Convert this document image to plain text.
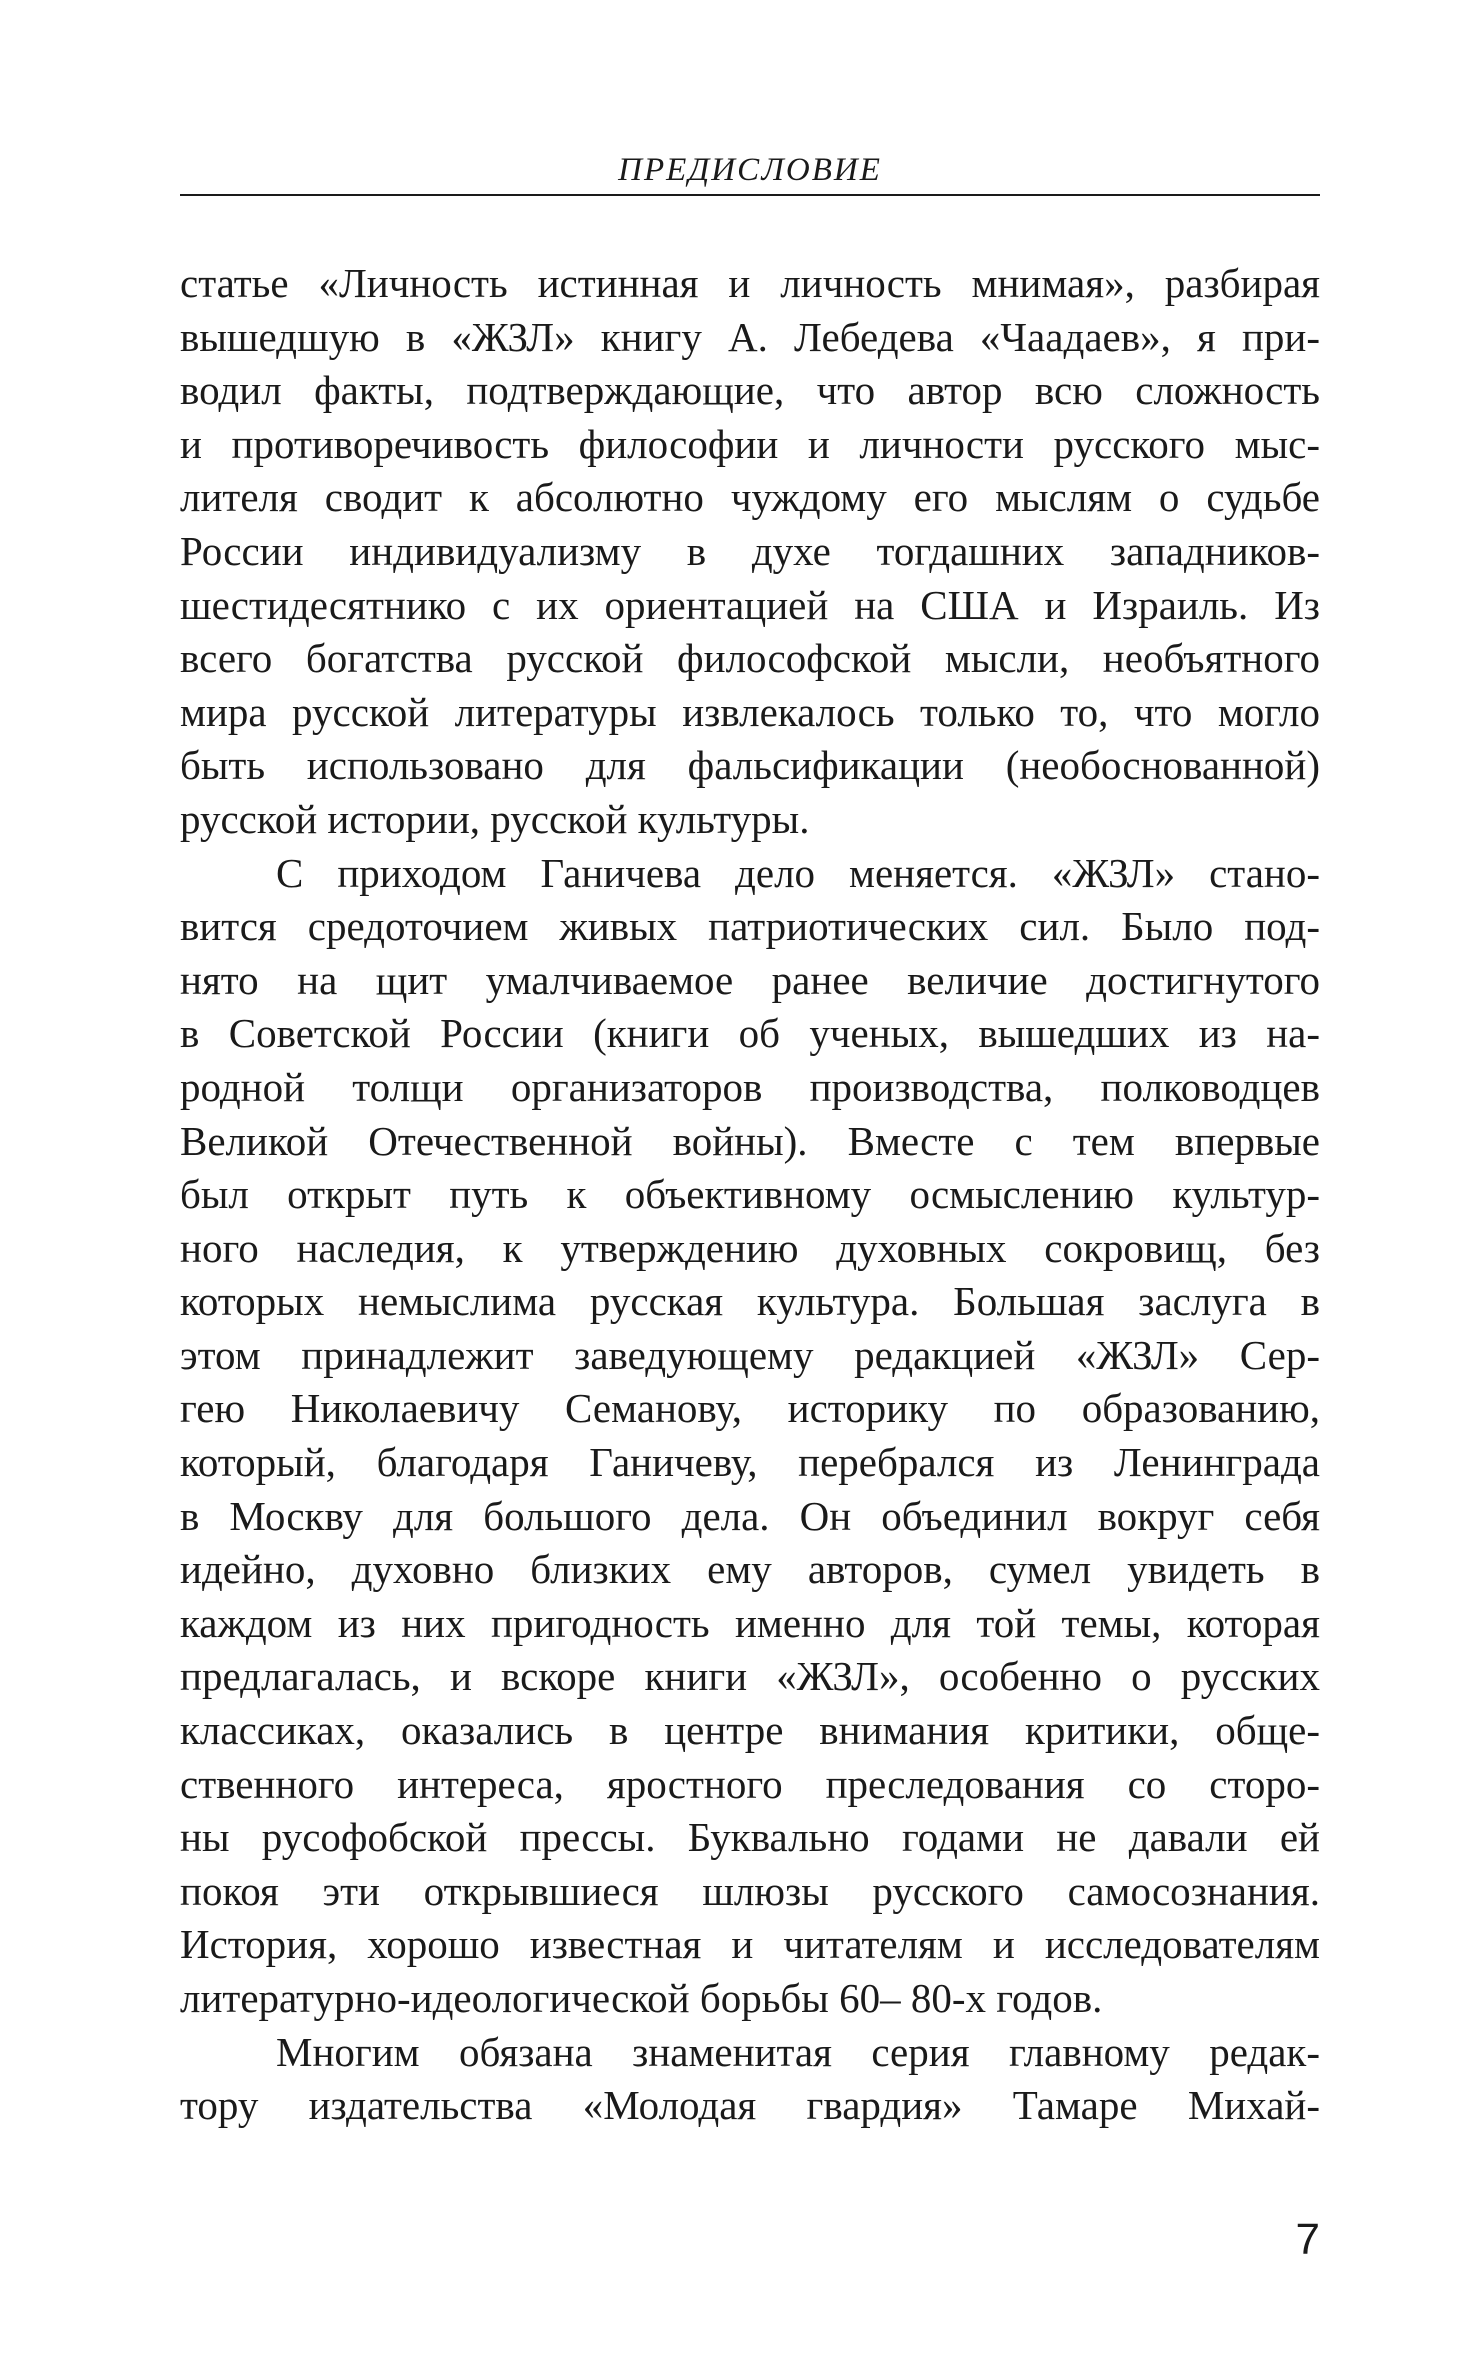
ПРЕДИСЛОВИЕ
статье «Личность истинная и личность мнимая», разбирая
вышедшую в «ЖЗЛ» книгу А. Лебедева «Чаадаев», я при-
водил факты, подтверждающие, что автор всю сложность
и противоречивость философии и личности русского мыс-
лителя сводит к абсолютно чуждому его мыслям о судьбе
России индивидуализму в духе тогдашних западников-
шестидесятнико с их ориентацией на США и Израиль. Из
всего богатства русской философской мысли, необъятного
мира русской литературы извлекалось только то, что могло
быть использовано для фальсификации (необоснованной)
русской истории, русской культуры.
С приходом Ганичева дело меняется. «ЖЗЛ» стано-
вится средоточием живых патриотических сил. Было под-
нято на щит умалчиваемое ранее величие достигнутого
в Советской России (книги об ученых, вышедших из на-
родной толщи организаторов производства, полководцев
Великой Отечественной войны). Вместе с тем впервые
был открыт путь к объективному осмыслению культур-
ного наследия, к утверждению духовных сокровищ, без
которых немыслима русская культура. Большая заслуга в
этом принадлежит заведующему редакцией «ЖЗЛ» Сер-
гею Николаевичу Семанову, историку по образованию,
который, благодаря Ганичеву, перебрался из Ленинграда
в Москву для большого дела. Он объединил вокруг себя
идейно, духовно близких ему авторов, сумел увидеть в
каждом из них пригодность именно для той темы, которая
предлагалась, и вскоре книги «ЖЗЛ», особенно о русских
классиках, оказались в центре внимания критики, обще-
ственного интереса, яростного преследования со сторо-
ны русофобской прессы. Буквально годами не давали ей
покоя эти открывшиеся шлюзы русского самосознания.
История, хорошо известная и читателям и исследователям
литературно-идеологической борьбы 60– 80-х годов.
Многим обязана знаменитая серия главному редак-
тору издательства «Молодая гвардия» Тамаре Михай-
7
